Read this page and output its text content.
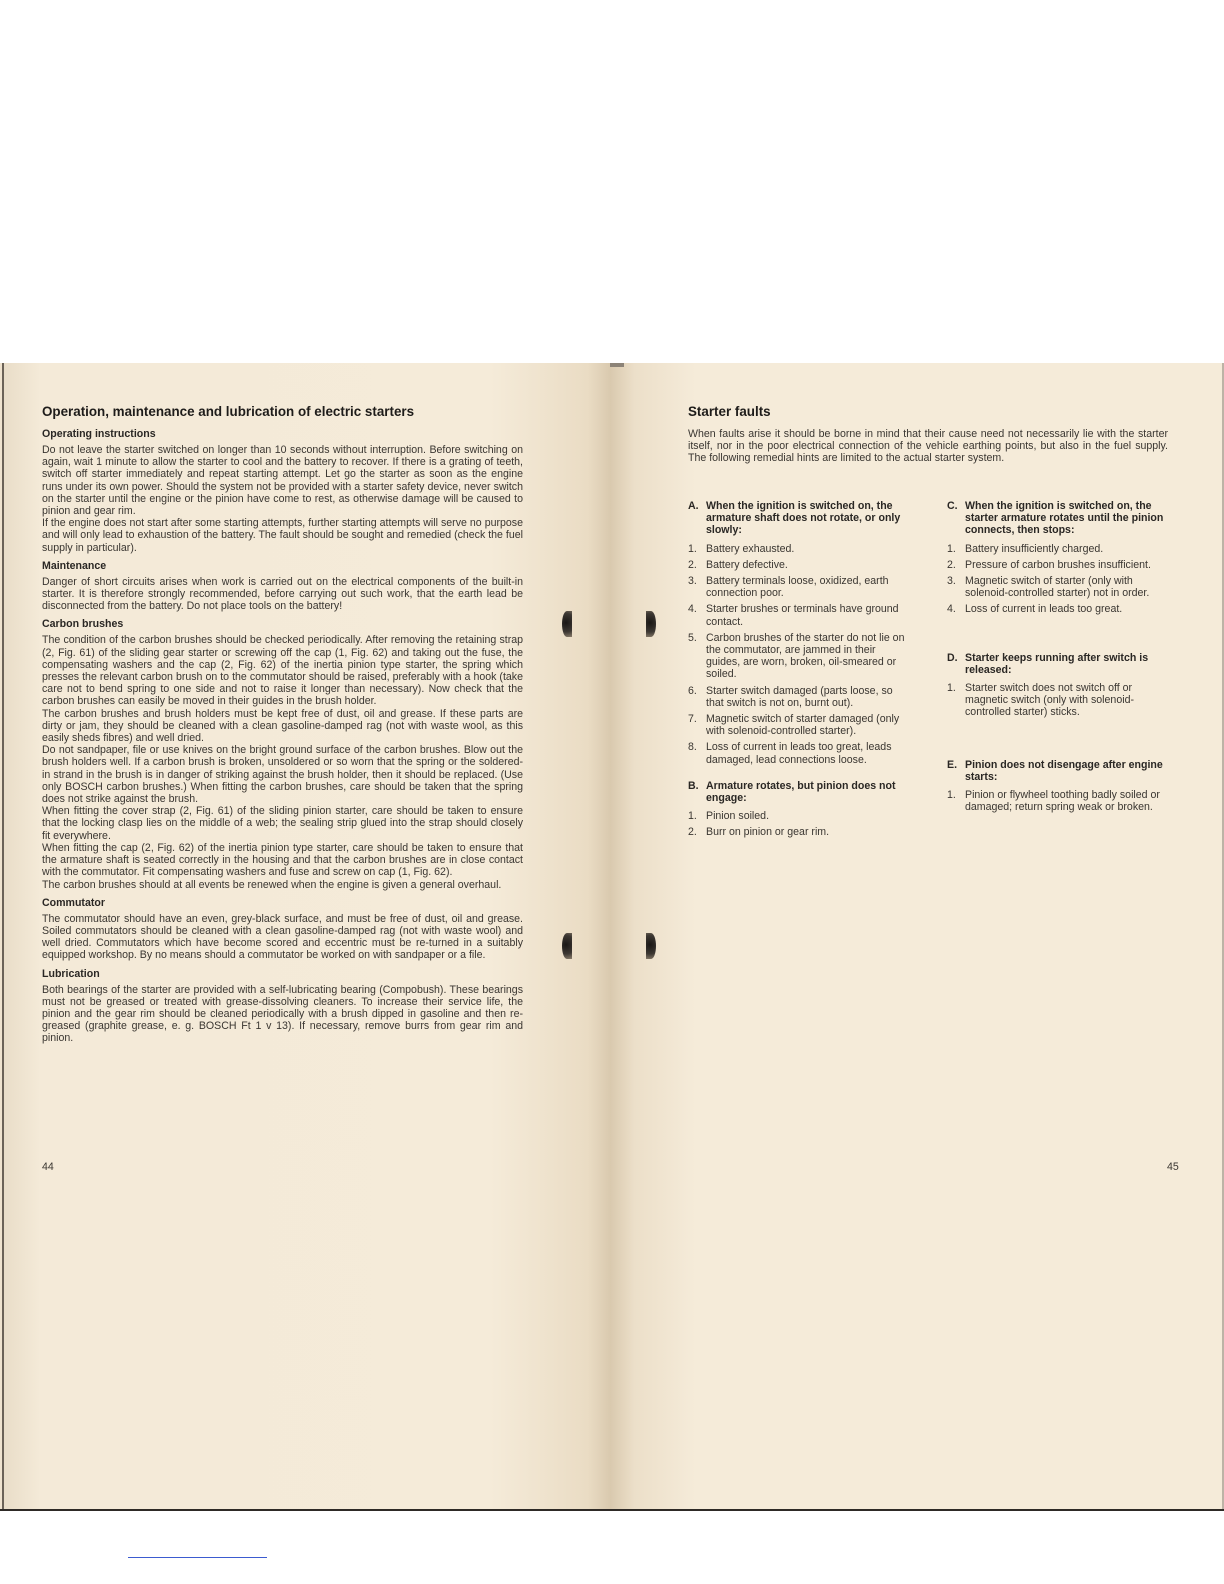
Operation, maintenance and lubrication of electric starters
Operating instructions

Do not leave the starter switched on longer than 10 seconds without interruption. Before switching on again, wait 1 minute to allow the starter to cool and the battery to recover. If there is a grating of teeth, switch off starter immediately and repeat starting attempt. Let go the starter as soon as the engine runs under its own power. Should the system not be provided with a starter safety device, never switch on the starter until the engine or the pinion have come to rest, as otherwise damage will be caused to pinion and gear rim.

If the engine does not start after some starting attempts, further starting attempts will serve no purpose and will only lead to exhaustion of the battery. The fault should be sought and remedied (check the fuel supply in particular).

Maintenance

Danger of short circuits arises when work is carried out on the electrical components of the built-in starter. It is therefore strongly recommended, before carrying out such work, that the earth lead be disconnected from the battery. Do not place tools on the battery!

Carbon brushes

The condition of the carbon brushes should be checked periodically. After removing the retaining strap (2, Fig. 61) of the sliding gear starter or screwing off the cap (1, Fig. 62) and taking out the fuse, the compensating washers and the cap (2, Fig. 62) of the inertia pinion type starter, the spring which presses the relevant carbon brush on to the commutator should be raised, preferably with a hook (take care not to bend spring to one side and not to raise it longer than necessary). Now check that the carbon brushes can easily be moved in their guides in the brush holder.

The carbon brushes and brush holders must be kept free of dust, oil and grease. If these parts are dirty or jam, they should be cleaned with a clean gasoline-damped rag (not with waste wool, as this easily sheds fibres) and well dried.

Do not sandpaper, file or use knives on the bright ground surface of the carbon brushes. Blow out the brush holders well. If a carbon brush is broken, unsoldered or so worn that the spring or the soldered-in strand in the brush is in danger of striking against the brush holder, then it should be replaced. (Use only BOSCH carbon brushes.) When fitting the carbon brushes, care should be taken that the spring does not strike against the brush.

When fitting the cover strap (2, Fig. 61) of the sliding pinion starter, care should be taken to ensure that the locking clasp lies on the middle of a web; the sealing strip glued into the strap should closely fit everywhere.

When fitting the cap (2, Fig. 62) of the inertia pinion type starter, care should be taken to ensure that the armature shaft is seated correctly in the housing and that the carbon brushes are in close contact with the commutator. Fit compensating washers and fuse and screw on cap (1, Fig. 62).

The carbon brushes should at all events be renewed when the engine is given a general overhaul.

Commutator

The commutator should have an even, grey-black surface, and must be free of dust, oil and grease. Soiled commutators should be cleaned with a clean gasoline-damped rag (not with waste wool) and well dried. Commutators which have become scored and eccentric must be re-turned in a suitably equipped workshop. By no means should a commutator be worked on with sandpaper or a file.

Lubrication

Both bearings of the starter are provided with a self-lubricating bearing (Compobush). These bearings must not be greased or treated with grease-dissolving cleaners. To increase their service life, the pinion and the gear rim should be cleaned periodically with a brush dipped in gasoline and then re-greased (graphite grease, e. g. BOSCH Ft 1 v 13). If necessary, remove burrs from gear rim and pinion.

44
Starter faults

When faults arise it should be borne in mind that their cause need not necessarily lie with the starter itself, nor in the poor electrical connection of the vehicle earthing points, but also in the fuel supply. The following remedial hints are limited to the actual starter system.

A. When the ignition is switched on, the armature shaft does not rotate, or only slowly:
1. Battery exhausted.
2. Battery defective.
3. Battery terminals loose, oxidized, earth connection poor.
4. Starter brushes or terminals have ground contact.
5. Carbon brushes of the starter do not lie on the commutator, are jammed in their guides, are worn, broken, oil-smeared or soiled.
6. Starter switch damaged (parts loose, so that switch is not on, burnt out).
7. Magnetic switch of starter damaged (only with solenoid-controlled starter).
8. Loss of current in leads too great, leads damaged, lead connections loose.
B. Armature rotates, but pinion does not engage:
1. Pinion soiled.
2. Burr on pinion or gear rim.
C. When the ignition is switched on, the starter armature rotates until the pinion connects, then stops:
1. Battery insufficiently charged.
2. Pressure of carbon brushes insufficient.
3. Magnetic switch of starter (only with solenoid-controlled starter) not in order.
4. Loss of current in leads too great.
D. Starter keeps running after switch is released:
1. Starter switch does not switch off or magnetic switch (only with solenoid-controlled starter) sticks.
E. Pinion does not disengage after engine starts:
1. Pinion or flywheel toothing badly soiled or damaged; return spring weak or broken.
45
